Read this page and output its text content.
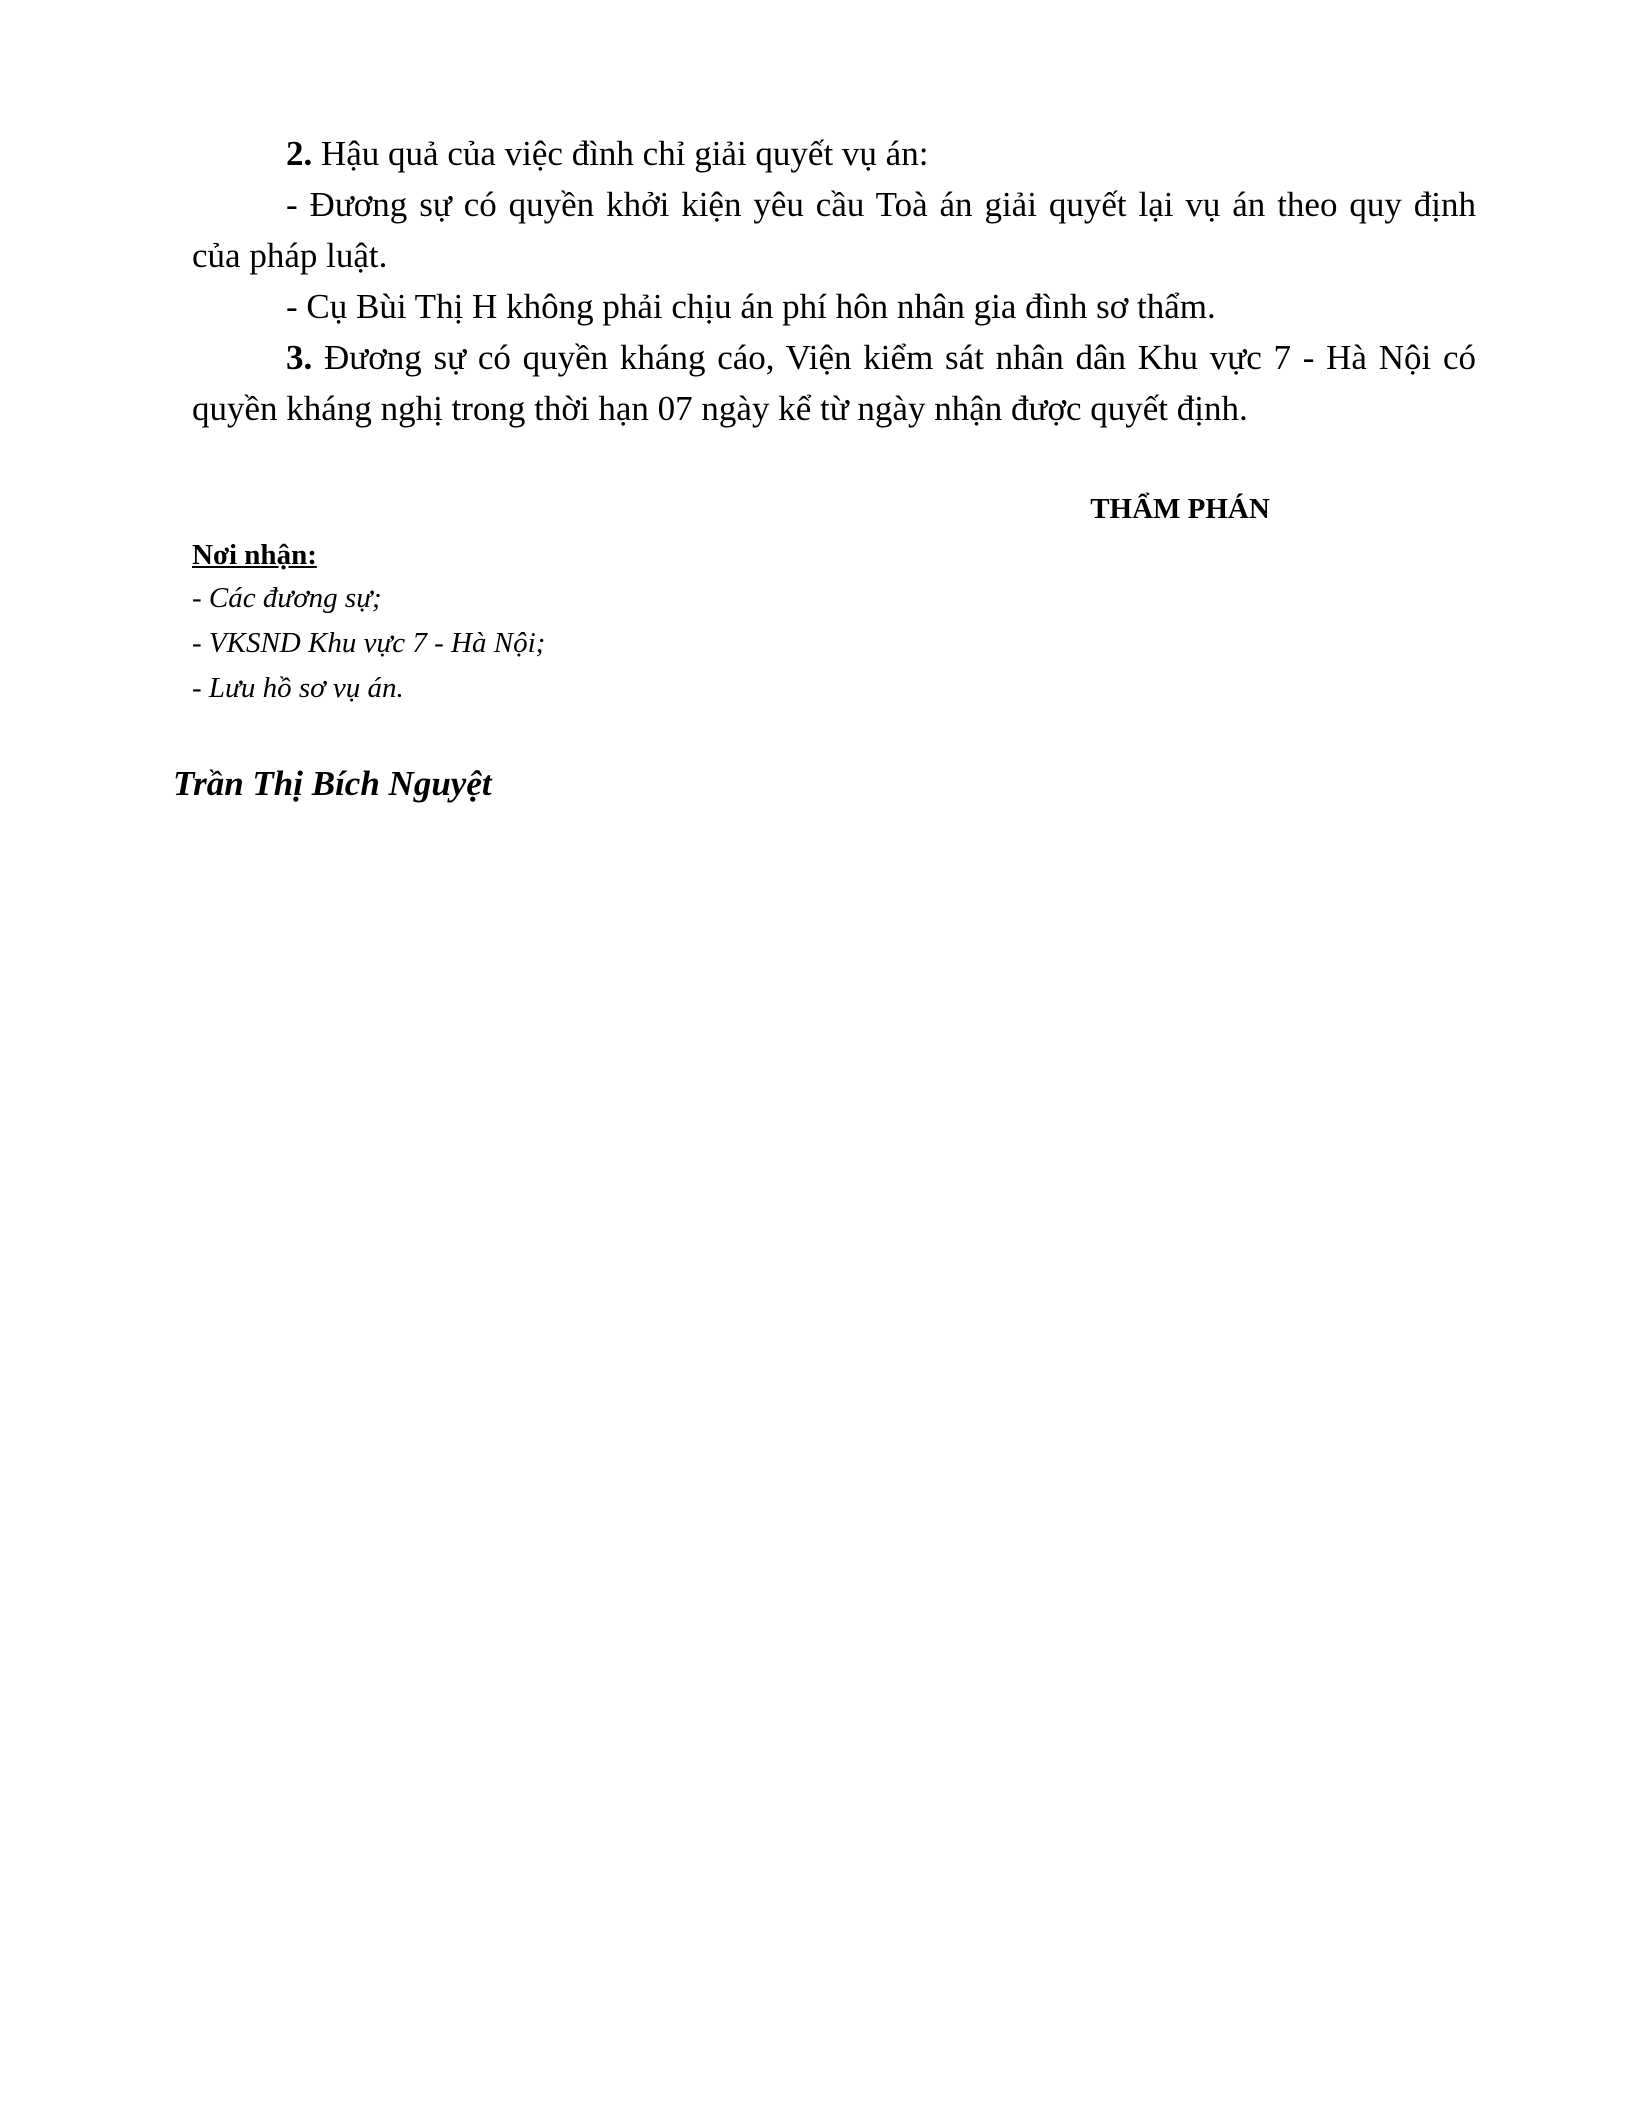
2. Hậu quả của việc đình chỉ giải quyết vụ án:

- Đương sự có quyền khởi kiện yêu cầu Toà án giải quyết lại vụ án theo quy định của pháp luật.

- Cụ Bùi Thị H không phải chịu án phí hôn nhân gia đình sơ thẩm.

3. Đương sự có quyền kháng cáo, Viện kiểm sát nhân dân Khu vực 7 - Hà Nội có quyền kháng nghị trong thời hạn 07 ngày kể từ ngày nhận được quyết định.

THẨM PHÁN
Nơi nhận:
- Các đương sự;
- VKSND Khu vực 7 - Hà Nội;
- Lưu hồ sơ vụ án.
Trần Thị Bích Nguyệt
